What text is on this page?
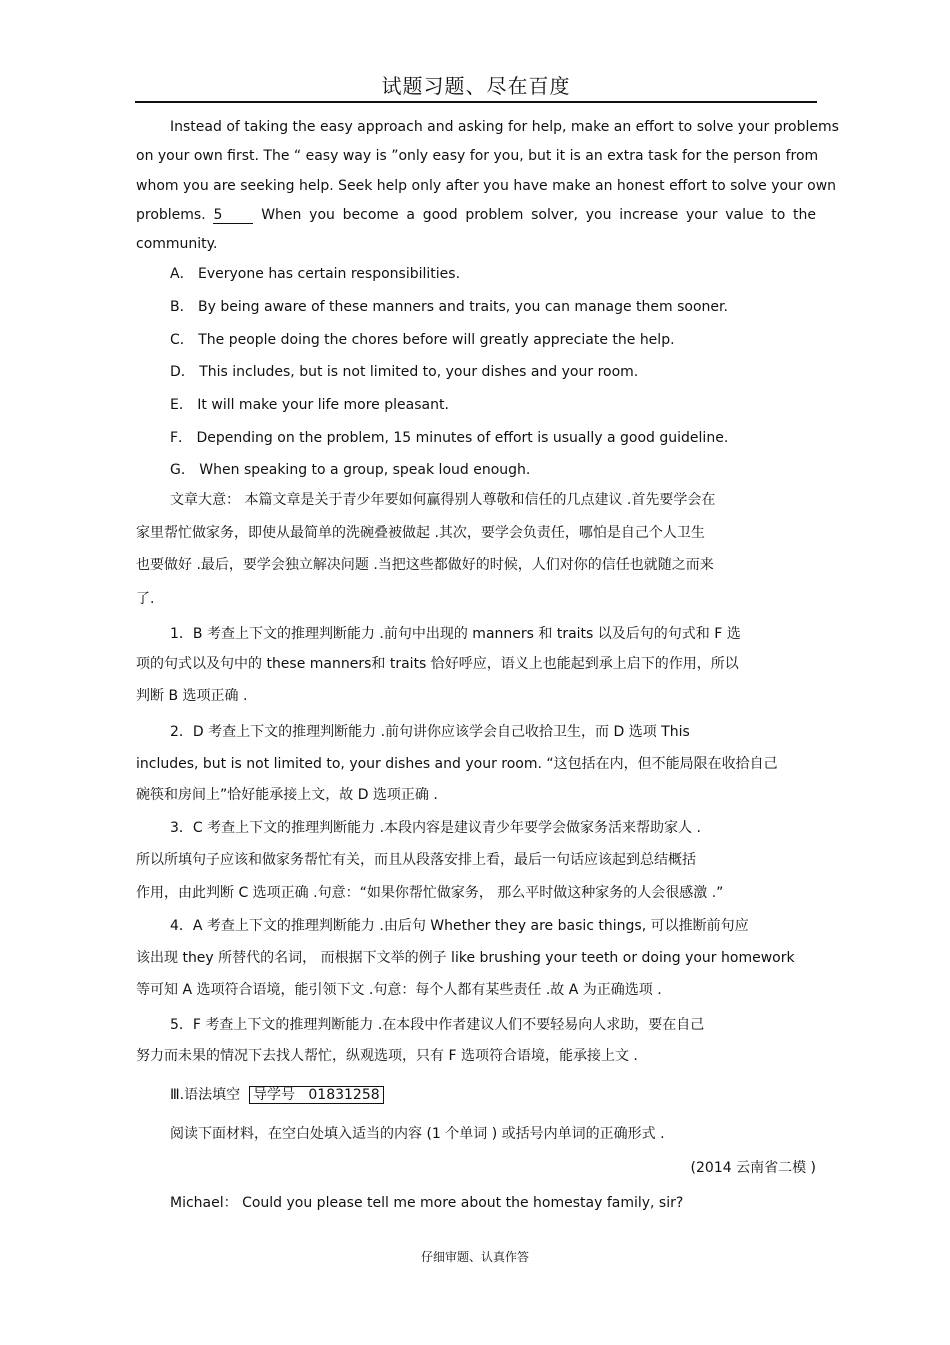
试题习题、尽在百度
Instead of taking the easy approach and asking for help, make an effort to solve your problems
on your own first. The “ easy way is ”only easy for you, but it is an extra task for the person from
whom you are seeking help. Seek help only after you have make an honest effort to solve your own
problems. 5 When you become a good problem solver, you increase your value to the
community.
A． Everyone has certain responsibilities.
B． By being aware of these manners and traits, you can manage them sooner.
C． The people doing the chores before will greatly appreciate the help.
D． This includes, but is not limited to, your dishes and your room.
E． It will make your life more pleasant.
F． Depending on the problem, 15 minutes of effort is usually a good guideline.
G． When speaking to a group, speak loud enough.
文章大意： 本篇文章是关于青少年要如何赢得别人尊敬和信任的几点建议 .首先要学会在
家里帮忙做家务，即使从最简单的洗碗叠被做起 .其次，要学会负责任，哪怕是自己个人卫生
也要做好 .最后，要学会独立解决问题 .当把这些都做好的时候，人们对你的信任也就随之而来
了.
1．B 考查上下文的推理判断能力 .前句中出现的 manners 和 traits 以及后句的句式和 F 选
项的句式以及句中的 these manners和 traits 恰好呼应，语义上也能起到承上启下的作用，所以
判断 B 选项正确 .
2．D 考查上下文的推理判断能力 .前句讲你应该学会自己收拾卫生，而 D 选项 This
includes, but is not limited to, your dishes and your room. “这包括在内，但不能局限在收拾自己
碗筷和房间上”恰好能承接上文，故 D 选项正确 .
3．C 考查上下文的推理判断能力 .本段内容是建议青少年要学会做家务活来帮助家人 .
所以所填句子应该和做家务帮忙有关，而且从段落安排上看，最后一句话应该起到总结概括
作用，由此判断 C 选项正确 .句意：“如果你帮忙做家务， 那么平时做这种家务的人会很感激 .”
4．A 考查上下文的推理判断能力 .由后句 Whether they are basic things, 可以推断前句应
该出现 they 所替代的名词， 而根据下文举的例子 like brushing your teeth or doing your homework
等可知 A 选项符合语境，能引领下文 .句意：每个人都有某些责任 .故 A 为正确选项 .
5．F 考查上下文的推理判断能力 .在本段中作者建议人们不要轻易向人求助，要在自己
努力而未果的情况下去找人帮忙，纵观选项，只有 F 选项符合语境，能承接上文 .
Ⅲ.语法填空 导学号 01831258
阅读下面材料，在空白处填入适当的内容 (1 个单词 ) 或括号内单词的正确形式 .
(2014 云南省二模 )
Michael： Could you please tell me more about the homestay family, sir?
仔细审题、认真作答
